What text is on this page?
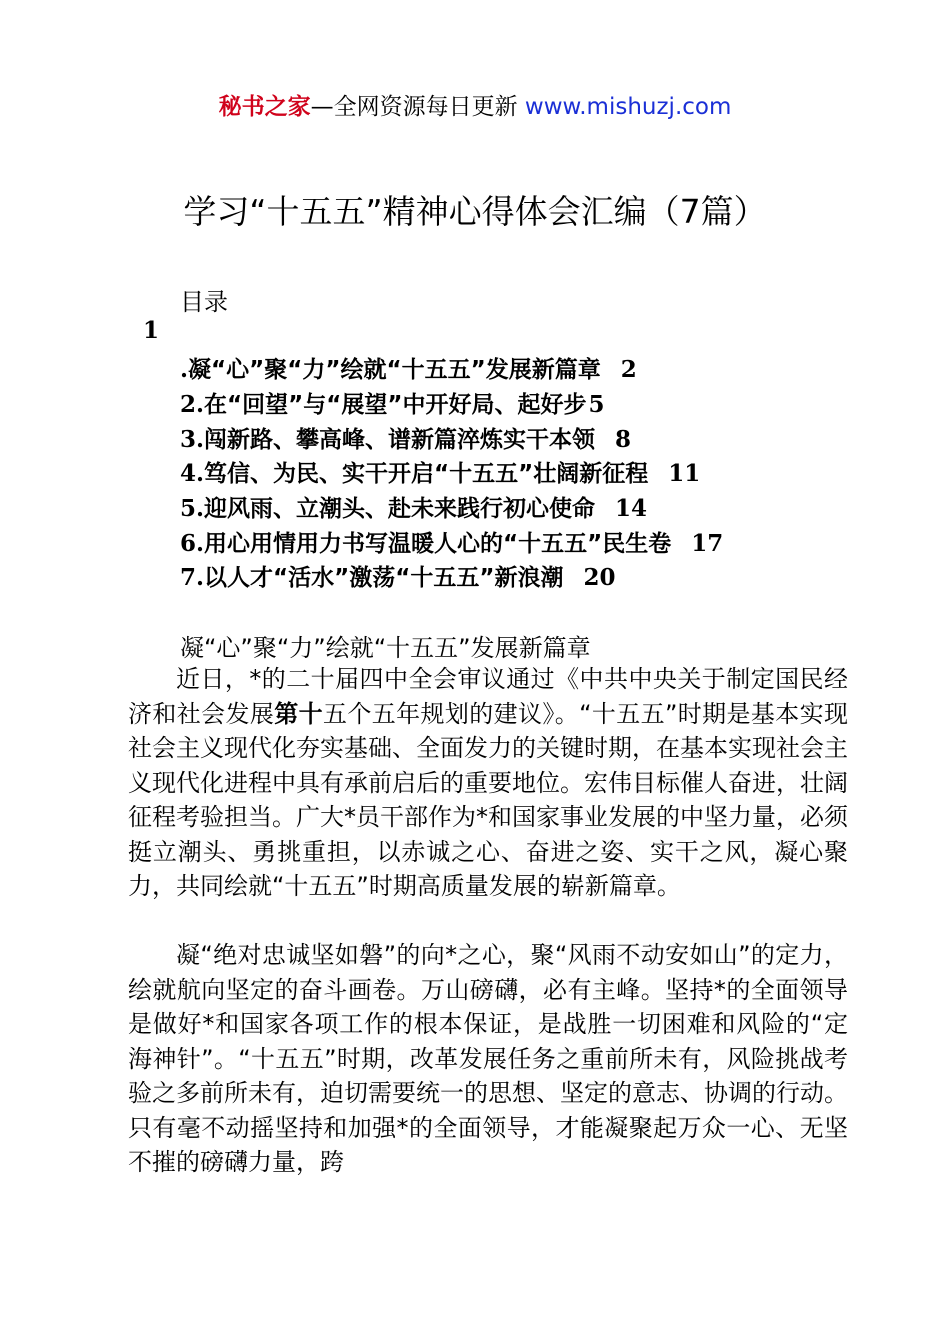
秘书之家—全网资源每日更新 www.mishuzj.com
学习“十五五”精神心得体会汇编（7篇）
目录
1
.凝“心”聚“力”绘就“十五五”发展新篇章 2
2.在“回望”与“展望”中开好局、起好步5
3.闯新路、攀高峰、谱新篇淬炼实干本领 8
4.笃信、为民、实干开启“十五五”壮阔新征程 11
5.迎风雨、立潮头、赴未来践行初心使命 14
6.用心用情用力书写温暖人心的“十五五”民生卷 17
7.以人才“活水”激荡“十五五”新浪潮 20
凝“心”聚“力”绘就“十五五”发展新篇章

近日，*的二十届四中全会审议通过《中共中央关于制定国民经济和社会发展第十五个五年规划的建议》。“十五五”时期是基本实现社会主义现代化夯实基础、全面发力的关键时期，在基本实现社会主义现代化进程中具有承前启后的重要地位。宏伟目标催人奋进，壮阔征程考验担当。广大*员干部作为*和国家事业发展的中坚力量，必须挺立潮头、勇挑重担，以赤诚之心、奋进之姿、实干之风，凝心聚力，共同绘就“十五五”时期高质量发展的崭新篇章。

凝“绝对忠诚坚如磐”的向*之心，聚“风雨不动安如山”的定力，绘就航向坚定的奋斗画卷。万山磅礴，必有主峰。坚持*的全面领导是做好*和国家各项工作的根本保证，是战胜一切困难和风险的“定海神针”。“十五五”时期，改革发展任务之重前所未有，风险挑战考验之多前所未有，迫切需要统一的思想、坚定的意志、协调的行动。只有毫不动摇坚持和加强*的全面领导，才能凝聚起万众一心、无坚不摧的磅礴力量，跨
